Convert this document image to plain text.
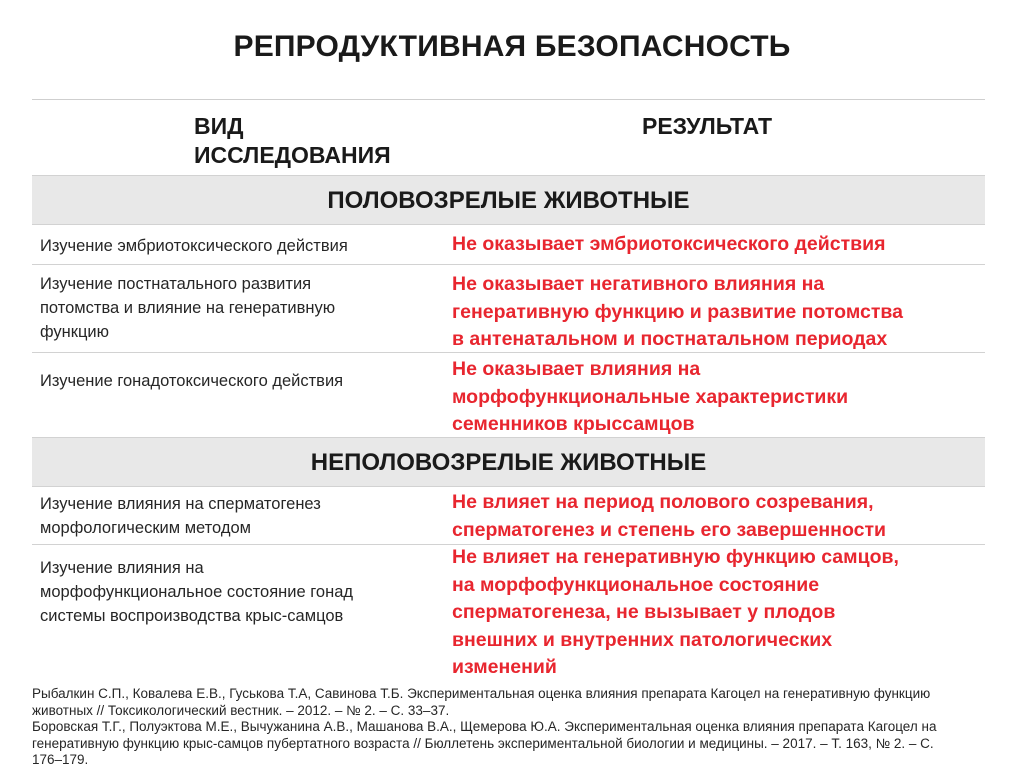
РЕПРОДУКТИВНАЯ БЕЗОПАСНОСТЬ
ВИД
ИССЛЕДОВАНИЯ
РЕЗУЛЬТАТ
ПОЛОВОЗРЕЛЫЕ ЖИВОТНЫЕ
Изучение эмбриотоксического действия	Не оказывает эмбриотоксического действия
Изучение постнатального развития
потомства и влияние на генеративную
функцию
Не оказывает негативного влияния на
генеративную функцию и развитие потомства
в антенатальном и постнатальном периодах
Изучение гонадотоксического действия
Не оказывает влияния на
морфофункциональные характеристики
семенников крыссамцов
НЕПОЛОВОЗРЕЛЫЕ ЖИВОТНЫЕ
Изучение влияния на сперматогенез
морфологическим методом
Не влияет на период полового созревания,
сперматогенез и степень его завершенности
Изучение влияния на
морфофункциональное состояние гонад
системы воспроизводства крыс-самцов
Не влияет на генеративную функцию самцов,
на морфофункциональное состояние
сперматогенеза, не вызывает у плодов
внешних и внутренних патологических
изменений
Рыбалкин С.П., Ковалева Е.В., Гуськова Т.А, Савинова Т.Б. Экспериментальная оценка влияния препарата Кагоцел на генеративную функцию
животных // Токсикологический вестник. – 2012. – № 2. – С. 33–37.
Боровская Т.Г., Полуэктова М.Е., Вычужанина А.В., Машанова В.А., Щемерова Ю.А. Экспериментальная оценка влияния препарата Кагоцел на
генеративную функцию крыс-самцов пубертатного возраста // Бюллетень экспериментальной биологии и медицины. – 2017. – Т. 163, № 2. – С.
176–179.
